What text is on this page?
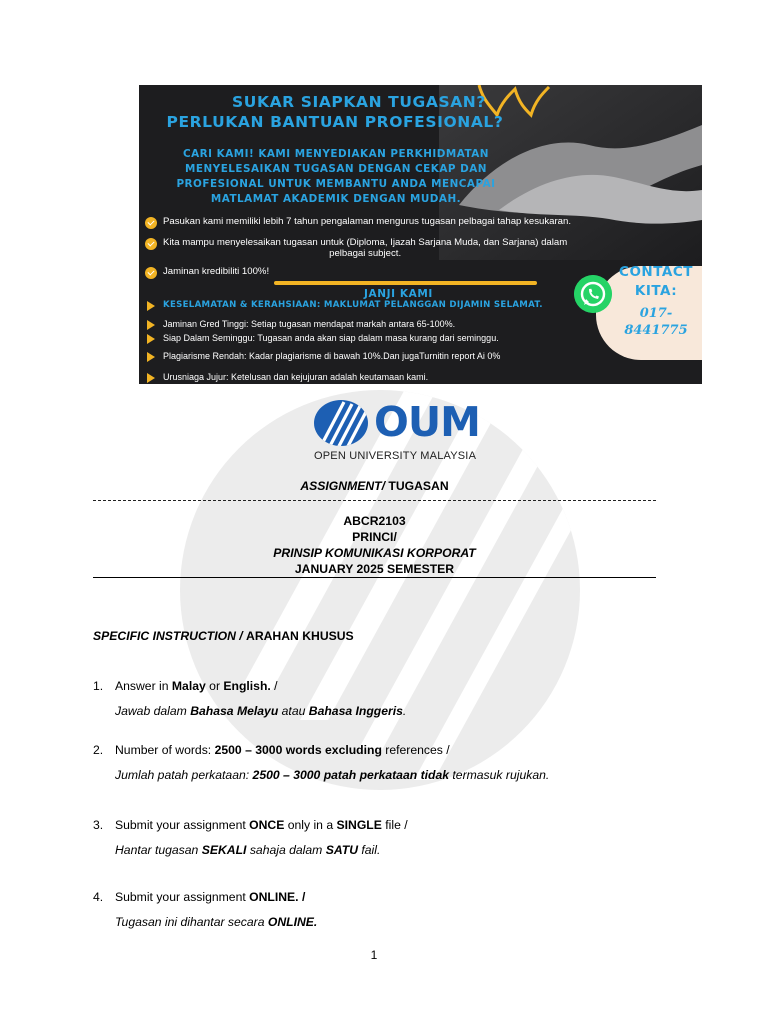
SUKAR SIAPKAN TUGASAN?
PERLUKAN BANTUAN PROFESIONAL?
CARI KAMI! KAMI MENYEDIAKAN PERKHIDMATAN MENYELESAIKAN TUGASAN DENGAN CEKAP DAN PROFESIONAL UNTUK MEMBANTU ANDA MENCAPAI MATLAMAT AKADEMIK DENGAN MUDAH.
Pasukan kami memiliki lebih 7 tahun pengalaman mengurus tugasan pelbagai tahap kesukaran.
Kita mampu menyelesaikan tugasan untuk (Diploma, Ijazah Sarjana Muda, dan Sarjana) dalam
pelbagai subject.
Jaminan kredibiliti 100%!
JANJI KAMI
KESELAMATAN & KERAHSIAAN: MAKLUMAT PELANGGAN DIJAMIN SELAMAT.
Jaminan Gred Tinggi: Setiap tugasan mendapat markah antara 65-100%.
Siap Dalam Seminggu: Tugasan anda akan siap dalam masa kurang dari seminggu.
Plagiarisme Rendah: Kadar plagiarisme di bawah 10%.Dan jugaTurnitin report Ai 0%
Urusniaga Jujur: Ketelusan dan kejujuran adalah keutamaan kami.
CONTACT KITA:
017-8441775
OUM
OPEN UNIVERSITY MALAYSIA
ASSIGNMENT/ TUGASAN
ABCR2103
PRINCI/
PRINSIP KOMUNIKASI KORPORAT
JANUARY 2025 SEMESTER
SPECIFIC INSTRUCTION / ARAHAN KHUSUS
1. Answer in Malay or English. /
Jawab dalam Bahasa Melayu atau Bahasa Inggeris.
2. Number of words: 2500 – 3000 words excluding references /
Jumlah patah perkataan: 2500 – 3000 patah perkataan tidak termasuk rujukan.
3. Submit your assignment ONCE only in a SINGLE file /
Hantar tugasan SEKALI sahaja dalam SATU fail.
4. Submit your assignment ONLINE. /
Tugasan ini dihantar secara ONLINE.
1
